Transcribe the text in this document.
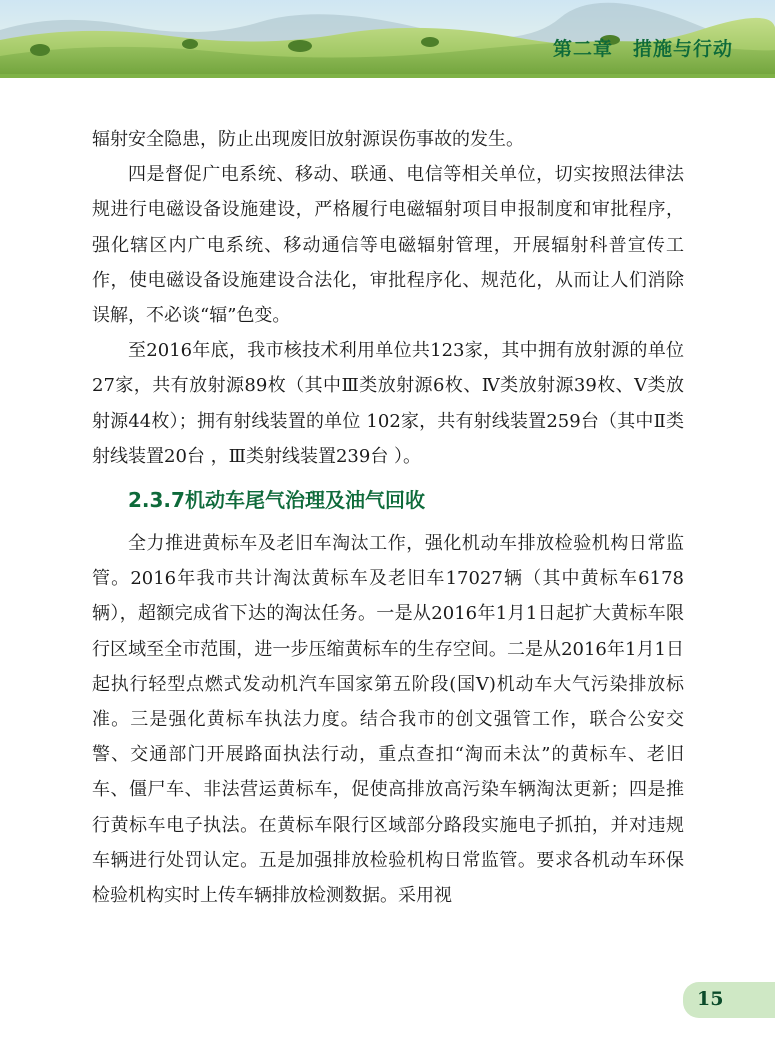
第二章　措施与行动

辐射安全隐患，防止出现废旧放射源误伤事故的发生。

四是督促广电系统、移动、联通、电信等相关单位，切实按照法律法规进行电磁设备设施建设，严格履行电磁辐射项目申报制度和审批程序，强化辖区内广电系统、移动通信等电磁辐射管理，开展辐射科普宣传工作，使电磁设备设施建设合法化，审批程序化、规范化，从而让人们消除误解，不必谈“辐”色变。

至2016年底，我市核技术利用单位共123家，其中拥有放射源的单位27家，共有放射源89枚（其中Ⅲ类放射源6枚、Ⅳ类放射源39枚、Ⅴ类放射源44枚）；拥有射线装置的单位 102家，共有射线装置259台（其中Ⅱ类射线装置20台 ，Ⅲ类射线装置239台 ）。

2.3.7机动车尾气治理及油气回收

全力推进黄标车及老旧车淘汰工作，强化机动车排放检验机构日常监管。2016年我市共计淘汰黄标车及老旧车17027辆（其中黄标车6178辆），超额完成省下达的淘汰任务。一是从2016年1月1日起扩大黄标车限行区域至全市范围，进一步压缩黄标车的生存空间。二是从2016年1月1日起执行轻型点燃式发动机汽车国家第五阶段(国V)机动车大气污染排放标准。三是强化黄标车执法力度。结合我市的创文强管工作，联合公安交警、交通部门开展路面执法行动，重点查扣“淘而未汰”的黄标车、老旧车、僵尸车、非法营运黄标车，促使高排放高污染车辆淘汰更新；四是推行黄标车电子执法。在黄标车限行区域部分路段实施电子抓拍，并对违规车辆进行处罚认定。五是加强排放检验机构日常监管。要求各机动车环保检验机构实时上传车辆排放检测数据。采用视

15
